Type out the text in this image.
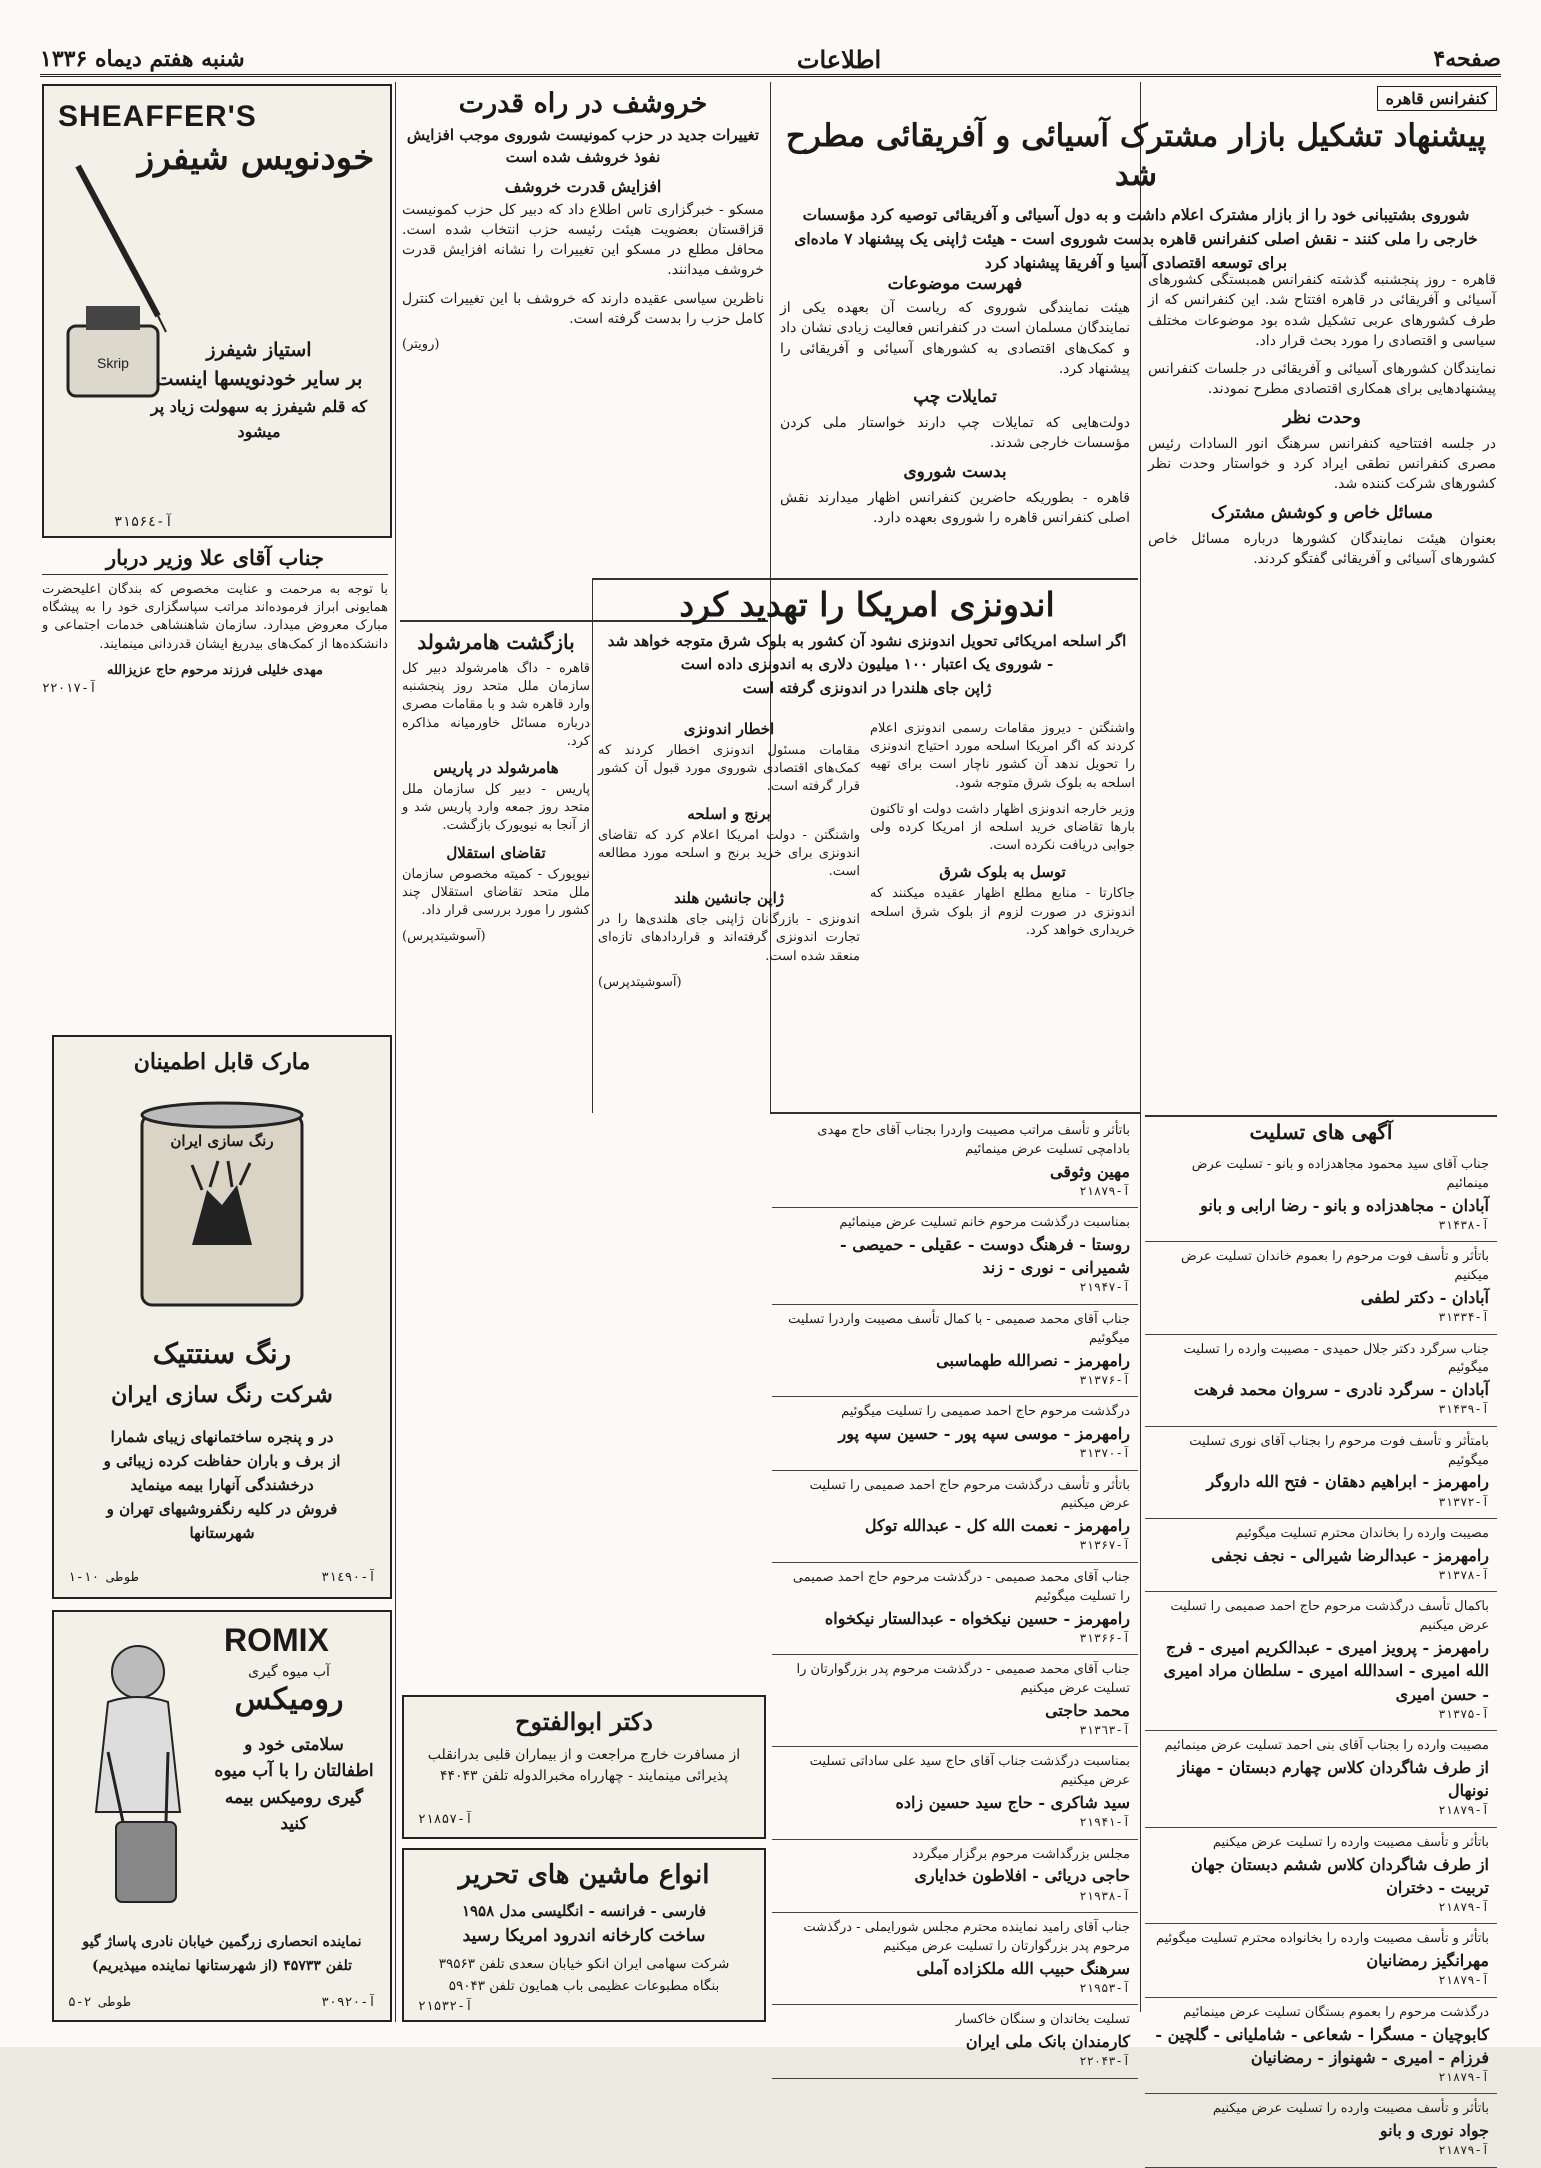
صفحه۴
اطلاعات
شنبه هفتم دیماه ۱۳۳۶
کنفرانس قاهره
پیشنهاد تشکیل بازار مشترک آسیائی و آفریقائی مطرح شد
شوروی بشتیبانی خود را از بازار مشترک اعلام داشت و به دول آسیائی و آفریقائی توصیه کرد مؤسسات خارجی را ملی کنند - نقش اصلی کنفرانس قاهره بدست شوروی است - هیئت ژاپنی یک پیشنهاد ۷ ماده‌ای برای توسعه اقتصادی آسیا و آفریقا پیشنهاد کرد

قاهره - روز پنجشنبه گذشته کنفرانس همبستگی کشورهای آسیائی و آفریقائی در قاهره افتتاح شد. این کنفرانس که از طرف کشورهای عربی تشکیل شده بود موضوعات مختلف سیاسی و اقتصادی را مورد بحث قرار داد.

نمایندگان کشورهای آسیائی و آفریقائی در جلسات کنفرانس پیشنهادهایی برای همکاری اقتصادی مطرح نمودند.

وحدت نظر

در جلسه افتتاحیه کنفرانس سرهنگ انور السادات رئیس مصری کنفرانس نطقی ایراد کرد و خواستار وحدت نظر کشورهای شرکت کننده شد.

مسائل خاص و کوشش مشترک

بعنوان هیئت نمایندگان کشورها درباره مسائل خاص کشورهای آسیائی و آفریقائی گفتگو کردند.

فهرست موضوعات

هیئت نمایندگی شوروی که ریاست آن بعهده یکی از نمایندگان مسلمان است در کنفرانس فعالیت زیادی نشان داد و کمک‌های اقتصادی به کشورهای آسیائی و آفریقائی را پیشنهاد کرد.

تمایلات چپ

دولت‌هایی که تمایلات چپ دارند خواستار ملی کردن مؤسسات خارجی شدند.

بدست شوروی

قاهره - بطوریکه حاضرین کنفرانس اظهار میدارند نقش اصلی کنفرانس قاهره را شوروی بعهده دارد.

خروشف در راه قدرت
تغییرات جدید در حزب کمونیست شوروی موجب افزایش نفوذ خروشف شده است
افزایش قدرت خروشف

مسکو - خبرگزاری تاس اطلاع داد که دبیر کل حزب کمونیست قزاقستان بعضویت هیئت رئیسه حزب انتخاب شده است. محافل مطلع در مسکو این تغییرات را نشانه افزایش قدرت خروشف میدانند.

ناظرین سیاسی عقیده دارند که خروشف با این تغییرات کنترل کامل حزب را بدست گرفته است.

(رویتر)
بازگشت هامرشولد

قاهره - داگ هامرشولد دبیر کل سازمان ملل متحد روز پنجشنبه وارد قاهره شد و با مقامات مصری درباره مسائل خاورمیانه مذاکره کرد.

هامرشولد در پاریس

پاریس - دبیر کل سازمان ملل متحد روز جمعه وارد پاریس شد و از آنجا به نیویورک بازگشت.

تقاضای استقلال

نیویورک - کمیته مخصوص سازمان ملل متحد تقاضای استقلال چند کشور را مورد بررسی قرار داد.

(آسوشیتدپرس)
اندونزی امریکا را تهدید کرد
اگر اسلحه امریکائی تحویل اندونزی نشود آن کشور به بلوک شرق متوجه خواهد شد - شوروی یک اعتبار ۱۰۰ میلیون دلاری به اندونزی داده است
ژاپن جای هلندرا در اندونزی گرفته است

واشنگتن - دیروز مقامات رسمی اندونزی اعلام کردند که اگر امریکا اسلحه مورد احتیاج اندونزی را تحویل ندهد آن کشور ناچار است برای تهیه اسلحه به بلوک شرق متوجه شود.

وزیر خارجه اندونزی اظهار داشت دولت او تاکنون بارها تقاضای خرید اسلحه از امریکا کرده ولی جوابی دریافت نکرده است.

توسل به بلوک شرق

جاکارتا - منابع مطلع اظهار عقیده میکنند که اندونزی در صورت لزوم از بلوک شرق اسلحه خریداری خواهد کرد.

اخطار اندونزی

مقامات مسئول اندونزی اخطار کردند که کمک‌های اقتصادی شوروی مورد قبول آن کشور قرار گرفته است.

برنج و اسلحه

واشنگتن - دولت امریکا اعلام کرد که تقاضای اندونزی برای خرید برنج و اسلحه مورد مطالعه است.

ژاپن جانشین هلند

اندونزی - بازرگانان ژاپنی جای هلندی‌ها را در تجارت اندونزی گرفته‌اند و قراردادهای تازه‌ای منعقد شده است.

(آسوشیتدپرس)
SHEAFFER'S
خودنویس شیفرز
Skrip
استیاز شیفرز
بر سایر خودنویسها اینست
که قلم شیفرز به سهولت زیاد پر میشود
آ-۳۱۵۶٤
جناب آقای علا وزیر دربار

با توجه به مرحمت و عنایت مخصوص که بندگان اعلیحضرت همایونی ابراز فرموده‌اند مراتب سپاسگزاری خود را به پیشگاه مبارک معروض میدارد. سازمان شاهنشاهی خدمات اجتماعی و دانشکده‌ها از کمک‌های بیدریغ ایشان قدردانی مینمایند.

مهدی خلیلی فرزند مرحوم حاج عزیزالله
آ-۲۲۰۱۷
مارک قابل اطمینان
رنگ سازی ایران
رنگ سنتتیک
شرکت رنگ سازی ایران
در و پنجره ساختمانهای زیبای شمارا
از برف و باران حفاظت کرده زیبائی و
درخشندگی آنهارا بیمه مینماید
فروش در کلیه رنگفروشیهای تهران و
شهرستانها
آ-۳۱٤۹۰
۱-۱۰ طوطی
ROMIX
آب میوه گیری
رومیکس
سلامتی خود و اطفالتان را با آب میوه گیری رومیکس بیمه کنید
نماینده انحصاری زرگمین خیابان نادری پاساژ گیو
تلفن ۴۵۷۳۳ (از شهرستانها نماینده میپذیریم)
آ-۳۰۹۲۰
۵-۲ طوطی
دکتر ابوالفتوح
از مسافرت خارج مراجعت و از بیماران قلبی بدرانقلب پذیرائی مینمایند - چهارراه مخبرالدوله تلفن ۴۴۰۴۳
آ-۲۱۸۵۷
انواع ماشین های تحریر
فارسی - فرانسه - انگلیسی مدل ۱۹۵۸
ساخت کارخانه اندرود امریکا رسید
شرکت سهامی ایران انکو خیابان سعدی تلفن ۳۹۵۶۳
بنگاه مطبوعات عظیمی باب همایون تلفن ۵۹۰۴۳
آ-۲۱۵۳۲
آگهی های تسلیت
باتأثر و تأسف مراتب مصیبت واردرا بجناب آقای حاج مهدی بادامچی تسلیت عرض مینمائیم
مهین وثوقی
آ-۲۱۸۷۹
بمناسبت درگذشت مرحوم خانم تسلیت عرض مینمائیم
روستا - فرهنگ دوست - عقیلی - حمیصی - شمیرانی - نوری - زند
آ-۲۱۹۴۷
جناب آقای محمد صمیمی - با کمال تأسف مصیبت واردرا تسلیت میگوئیم
رامهرمز - نصرالله طهماسبی
آ-۳۱۳۷۶
درگذشت مرحوم حاج احمد صمیمی را تسلیت میگوئیم
رامهرمز - موسی سپه پور - حسین سپه پور
آ-۳۱۳۷۰
باتأثر و تأسف درگذشت مرحوم حاج احمد صمیمی را تسلیت عرض میکنیم
رامهرمز - نعمت الله کل - عبدالله توکل
آ-۳۱۳۶۷
جناب آقای محمد صمیمی - درگذشت مرحوم حاج احمد صمیمی را تسلیت میگوئیم
رامهرمز - حسین نیکخواه - عبدالستار نیکخواه
آ-۳۱۳۶۶
جناب آقای محمد صمیمی - درگذشت مرحوم پدر بزرگوارتان را تسلیت عرض میکنیم
محمد حاجتی
آ-۳۱۳٦۳
بمناسبت درگذشت جناب آقای حاج سید علی ساداتی تسلیت عرض میکنیم
سید شاکری - حاج سید حسین زاده
آ-۲۱۹۴۱
مجلس بزرگداشت مرحوم برگزار میگردد
حاجی دریائی - افلاطون خدایاری
آ-۲۱۹۳۸
جناب آقای رامید نماینده محترم مجلس شورایملی - درگذشت مرحوم پدر بزرگوارتان را تسلیت عرض میکنیم
سرهنگ حبیب الله ملکزاده آملی
آ-۲۱۹۵۳
تسلیت بخاندان و سنگان خاکسار
کارمندان بانک ملی ایران
آ-۲۲۰۴۳
جناب آقای سید محمود مجاهدزاده و بانو - تسلیت عرض مینمائیم
آبادان - مجاهدزاده و بانو - رضا ارابی و بانو
آ-۳۱۴۳۸
باتأثر و تأسف فوت مرحوم را بعموم خاندان تسلیت عرض میکنیم
آبادان - دکتر لطفی
آ-۳۱۳۳۴
جناب سرگرد دکتر جلال حمیدی - مصیبت وارده را تسلیت میگوئیم
آبادان - سرگرد نادری - سروان محمد فرهت
آ-۳۱۴۳۹
بامتأثر و تأسف فوت مرحوم را بجناب آقای نوری تسلیت میگوئیم
رامهرمز - ابراهیم دهقان - فتح الله داروگر
آ-۳۱۳۷۲
مصیبت وارده را بخاندان محترم تسلیت میگوئیم
رامهرمز - عبدالرضا شیرالی - نجف نجفی
آ-۳۱۳۷۸
باکمال تأسف درگذشت مرحوم حاج احمد صمیمی را تسلیت عرض میکنیم
رامهرمز - پرویز امیری - عبدالکریم امیری - فرج الله امیری - اسدالله امیری - سلطان مراد امیری - حسن امیری
آ-۳۱۳۷۵
مصیبت وارده را بجناب آقای بنی احمد تسلیت عرض مینمائیم
از طرف شاگردان کلاس چهارم دبستان - مهناز نونهال
آ-۲۱۸۷۹
باتأثر و تأسف مصیبت وارده را تسلیت عرض میکنیم
از طرف شاگردان کلاس ششم دبستان جهان تربیت - دختران
آ-۲۱۸۷۹
باتأثر و تأسف مصیبت وارده را بخانواده محترم تسلیت میگوئیم
مهرانگیز رمضانیان
آ-۲۱۸۷۹
درگذشت مرحوم را بعموم بستگان تسلیت عرض مینمائیم
کابوچیان - مسگرا - شعاعی - شاملیانی - گلچین - فرزام - امیری - شهنواز - رمضانیان
آ-۲۱۸۷۹
باتأثر و تأسف مصیبت وارده را تسلیت عرض میکنیم
جواد نوری و بانو
آ-۲۱۸۷۹
